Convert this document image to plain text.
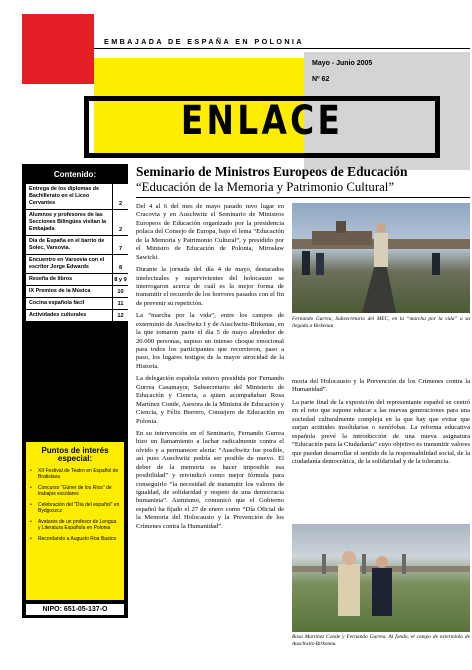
EMBAJADA DE ESPAÑA EN POLONIA
Mayo - Junio 2005
Nº 62
ENLACE
Contenido:
Entrega de los diplomas de Bachillerato en el Liceo Cervantes	2
Alumnos y profesores de las Secciones Bilingües visitan la Embajada	2
Día de España en el barrio de Solec, Varsovia.	7
Encuentro en Varsovia con el escritor Jorge Edwards	8
Reseña de libros	8 y 9
IX Premios de la Música	10
Cocina española fácil	11
Actividades culturales	12
Puntos de interés especial:
•	XII Festival de Teatro en Español de Bratislava
•	Concurso "Güner de los Ríos" de trabajos escolares
•	Celebración del "Día del español" en Bydgoszcz
•	Avatares de un profesor de Lengua y Literatura Española en Polonia
•	Recordando a Augusto Roa Bastos
NIPO: 651-05-137-O
Seminario de Ministros Europeos de Educación
“Educación de la Memoria y Patrimonio Cultural”

Del 4 al 6 del mes de mayo pasado tuvo lugar en Cracovia y en Auschwitz el Seminario de Ministros Europeos de Educación organizado por la presidencia polaca del Consejo de Europa, bajo el lema “Educación de la Memoria y Patrimonio Cultural”, y presidido por el Ministro de Educación de Polonia, Mirosław Sawicki.

Durante la jornada del día 4 de mayo, destacados intelectuales y supervivientes del holocausto se interrogaron acerca de cuál es la mejor forma de transmitir el recuerdo de los horrores pasados con el fin de prevenir su repetición.

La “marcha por la vida”, entre los campos de exterminio de Auschwitz I y de Auschwitz-Birkenau, en la que tomaron parte el día 5 de mayo alrededor de 20.000 personas, supuso un intenso choque emocional para todos los participantes que recorrieron, paso a paso, los lugares testigos de la mayor atrocidad de la Historia.

La delegación española estuvo presidida por Fernando Gurrea Casamayor, Subsecretario del Ministerio de Educación y Ciencia, a quien acompañaban Rosa Martínez Conde, Asesora de la Ministra de Educación y Ciencia, y Félix Herrero, Consejero de Educación en Polonia.

En su intervención en el Seminario, Fernando Gurrea hizo un llamamiento a luchar radicalmente contra el olvido y a permanecer alerta: “Auschwitz fue posible, así pues Auschwitz podría ser posible de nuevo. El deber de la memoria es hacer imposible esa posibilidad” y reivindicó como mejor fórmula para conseguirlo “la necesidad de transmitir los valores de igualdad, de solidaridad y respeto de una democracia humanista”. Asimismo, comunicó que el Gobierno español ha fijado el 27 de enero como “Día Oficial de la Memoria del Holocausto y la Prevención de los Crímenes contra la Humanidad”.

Fernando Gurrea, Subsecretario del MEC, en la “marcha por la vida” a su llegada a Birkenau

moria del Holocausto y la Prevención de los Crímenes contra la Humanidad”.

La parte final de la exposición del representante español se centró en el reto que supone educar a las nuevas generaciones para una sociedad culturalmente compleja en la que hay que evitar que surjan actitudes insolidarias o xenófobas. La reforma educativa española prevé la introducción de una nueva asignatura “Educación para la Ciudadanía” cuyo objetivo es transmitir valores que puedan desarrollar el sentido de la responsabilidad social, de la ciudadanía democrática, de la solidaridad y de la tolerancia.

Rosa Martínez Conde y Fernando Gurrea. Al fondo, el campo de exterminio de Auschwitz-Birkenau.
